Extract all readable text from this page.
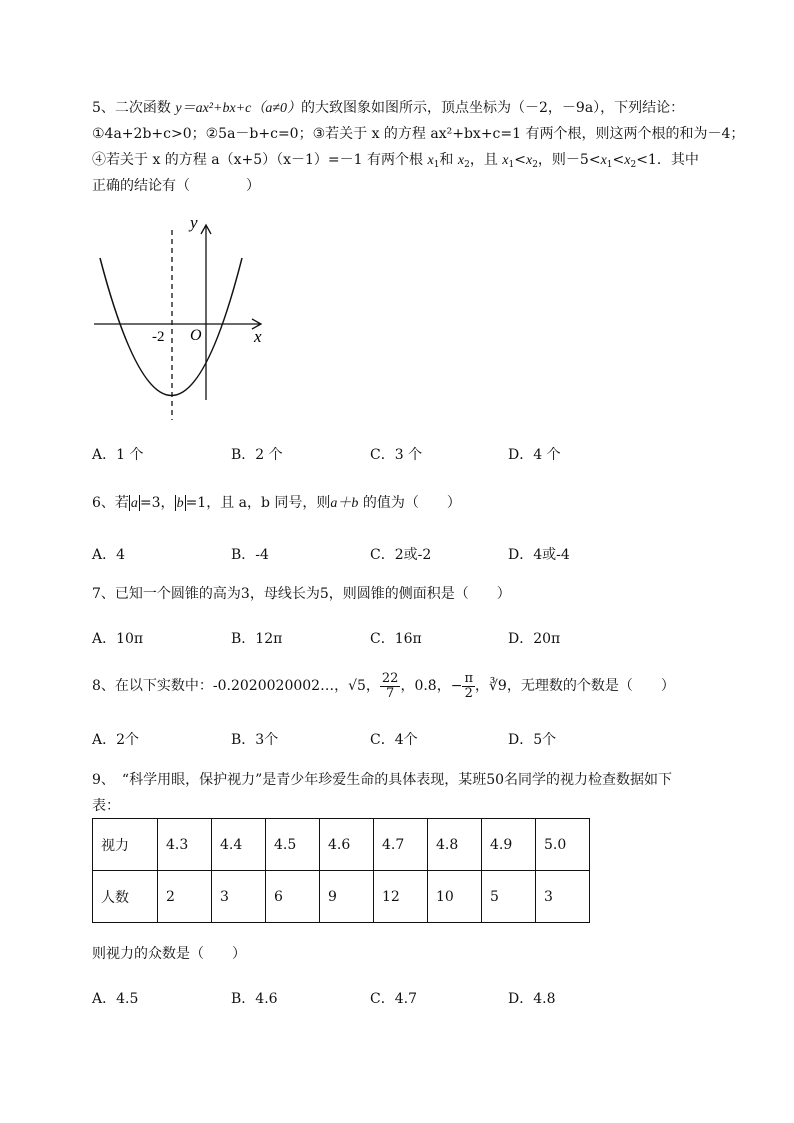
5、二次函数 y＝ax²+bx+c（a≠0）的大致图象如图所示，顶点坐标为（－2，－9a），下列结论：
①4a+2b+c>0；②5a－b+c=0；③若关于 x 的方程 ax²+bx+c=1 有两个根，则这两个根的和为－4；
④若关于 x 的方程 a（x+5）（x－1）=－1 有两个根 $x_1$和 $x_2$，且 $x_1<x_2$，则$-5<x_1<x_2<1$．其中
正确的结论有（　　　　）
y
x
O
-2
A．1 个	B．2 个	C．3 个	D．4 个
6、若 a =3， b =1，且 a，b 同号，则a＋b 的值为（　　）
A．4	B．-4	C．2或-2	D．4或-4
7、已知一个圆锥的高为3，母线长为5，则圆锥的侧面积是（　　）
A．10π	B．12π	C．16π	D．20π
8、在以下实数中：-0.2020020002…，√5， $\frac{22}{7}$ ，0.8̇，− $\frac{\pi}{2}$ ，∛9，无理数的个数是（　　）
A．2个	B．3个	C．4个	D．5个
9、　“科学用眼，保护视力”是青少年珍爱生命的具体表现，某班50名同学的视力检查数据如下
表：
视力	4.3	4.4	4.5	4.6	4.7	4.8	4.9	5.0
人数	2	3	6	9	12	10	5	3
则视力的众数是（　　）
A．4.5	B．4.6	C．4.7	D．4.8
